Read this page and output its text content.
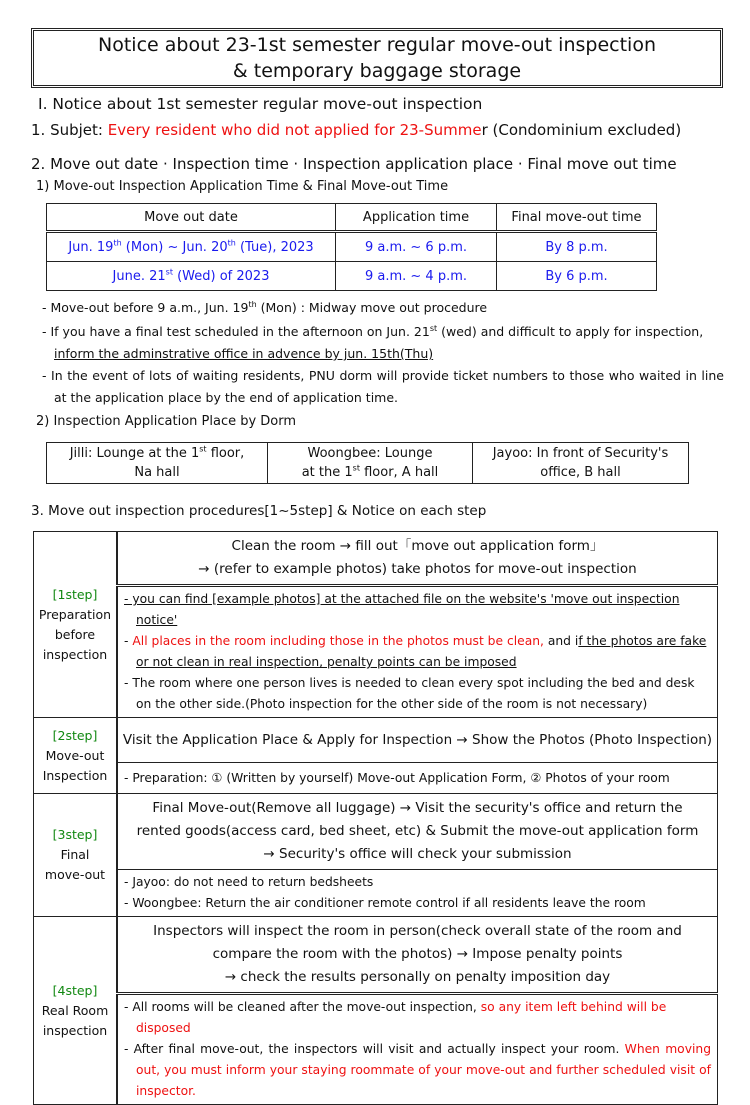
Notice about 23-1st semester regular move-out inspection
& temporary baggage storage
Ⅰ. Notice about 1st semester regular move-out inspection
1. Subjet: Every resident who did not applied for 23-Summer (Condominium excluded)
2. Move out date · Inspection time · Inspection application place · Final move out time
1) Move-out Inspection Application Time & Final Move-out Time
Move out date	Application time	Final move-out time
Jun. 19th (Mon) ~ Jun. 20th (Tue), 2023	9 a.m. ~ 6 p.m.	By 8 p.m.
June. 21st (Wed) of 2023	9 a.m. ~ 4 p.m.	By 6 p.m.
- Move-out before 9 a.m., Jun. 19th (Mon) : Midway move out procedure
- If you have a final test scheduled in the afternoon on Jun. 21st (wed) and difficult to apply for inspection,
inform the adminstrative office in advence by jun. 15th(Thu)
- In the event of lots of waiting residents, PNU dorm will provide ticket numbers to those who waited in line at the application place by the end of application time.
2) Inspection Application Place by Dorm
Jilli: Lounge at the 1st floor,
Na hall	Woongbee: Lounge
at the 1st floor, A hall	Jayoo: In front of Security's
office, B hall
3. Move out inspection procedures[1~5step] & Notice on each step
[1step]
Preparation
before
inspection

Clean the room → fill out「move out application form」
→ (refer to example photos) take photos for move-out inspection

	- you can find [example photos] at the attached file on the website's 'move out inspection notice'
- All places in the room including those in the photos must be clean, and if the photos are fake or not clean in real inspection, penalty points can be imposed
- The room where one person lives is needed to clean every spot including the bed and desk on the other side.(Photo inspection for the other side of the room is not necessary)

[2step]
Move-out
Inspection	Visit the Application Place & Apply for Inspection → Show the Photos (Photo Inspection)

	- Preparation: ① (Written by yourself) Move-out Application Form, ② Photos of your room

[3step]
Final
move-out

Final Move-out(Remove all luggage) → Visit the security's office and return the
rented goods(access card, bed sheet, etc) & Submit the move-out application form
→ Security's office will check your submission

	- Jayoo: do not need to return bedsheets
- Woongbee: Return the air conditioner remote control if all residents leave the room

[4step]
Real Room
inspection

Inspectors will inspect the room in person(check overall state of the room and
compare the room with the photos) → Impose penalty points
→ check the results personally on penalty imposition day

	- All rooms will be cleaned after the move-out inspection, so any item left behind will be disposed
- After final move-out, the inspectors will visit and actually inspect your room. When moving out, you must inform your staying roommate of your move-out and further scheduled visit of inspector.
